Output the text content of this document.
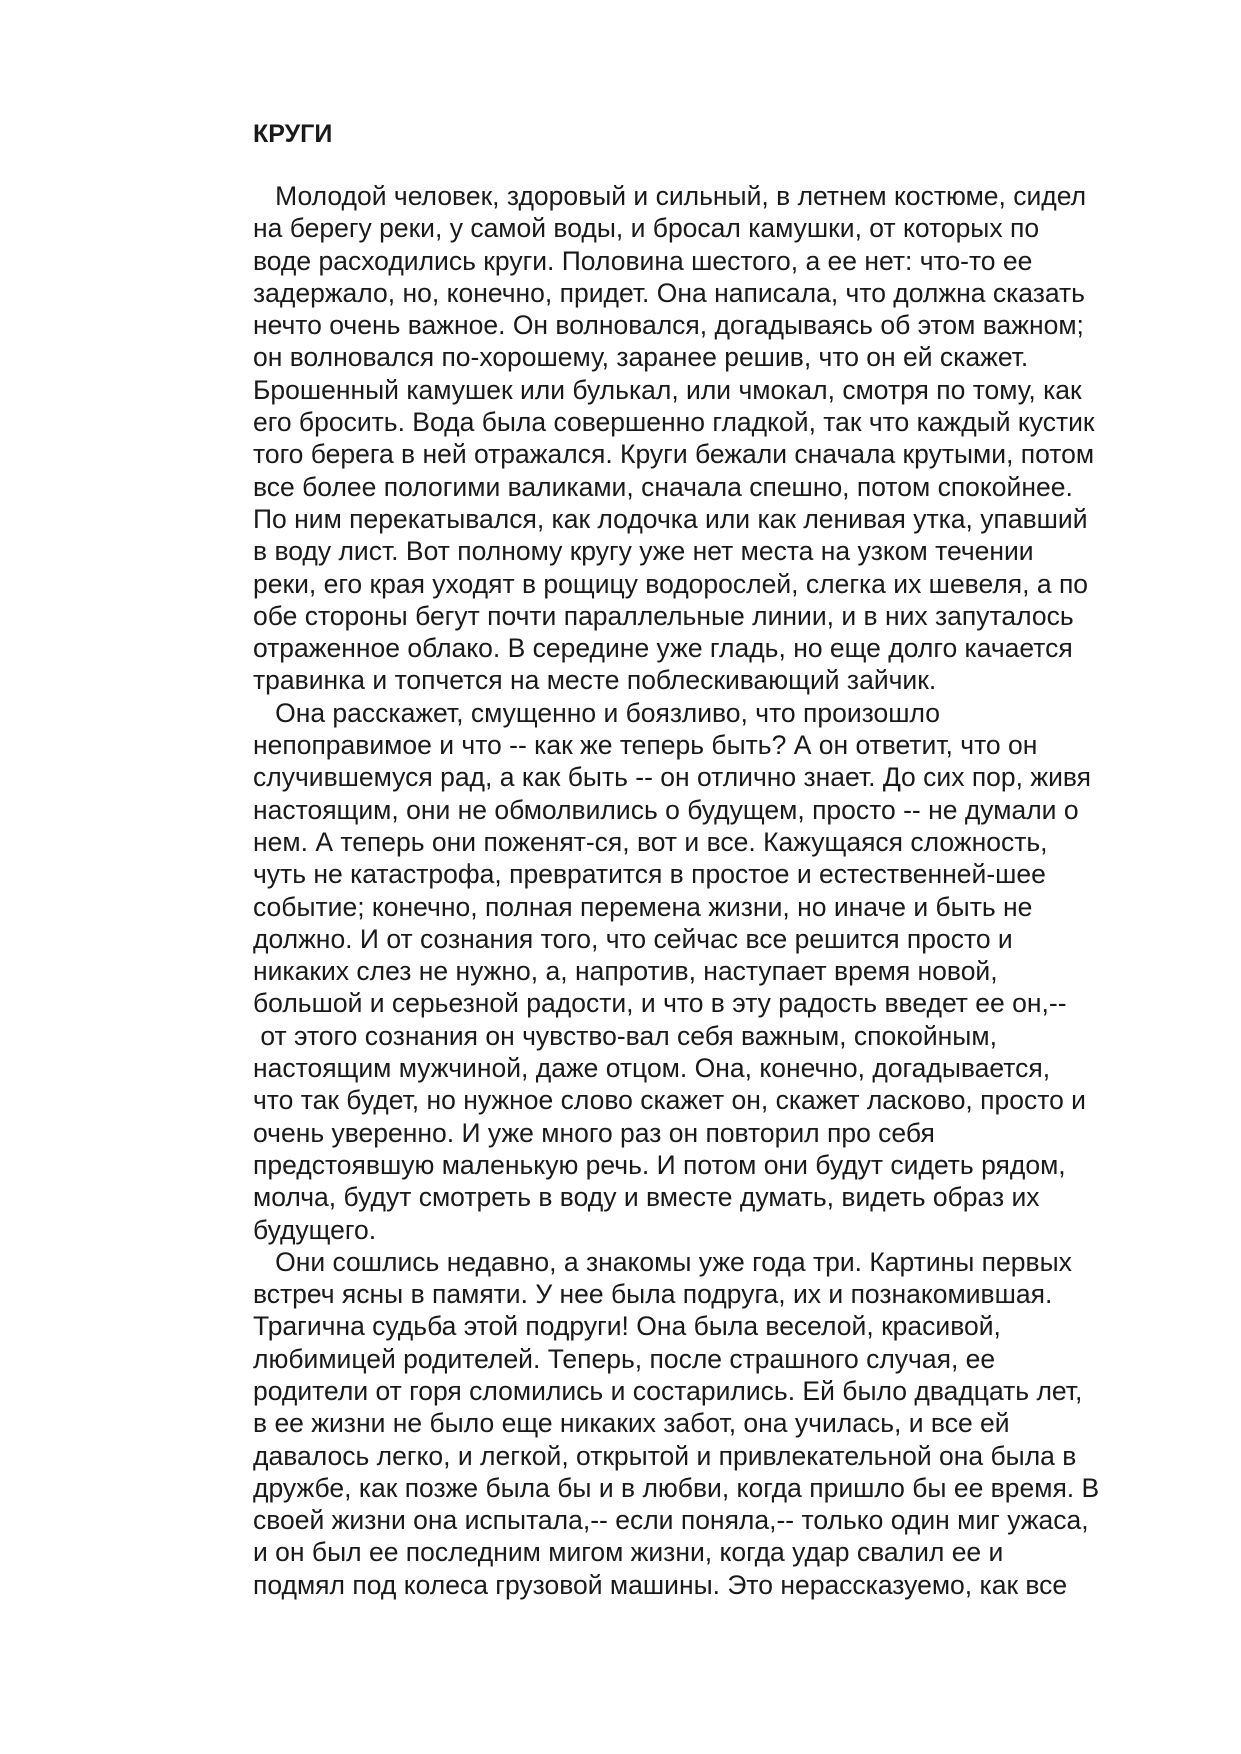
КРУГИ
Молодой человек, здоровый и сильный, в летнем костюме, сидел
на берегу реки, у самой воды, и бросал камушки, от которых по
воде расходились круги. Половина шестого, а ее нет: что-то ее
задержало, но, конечно, придет. Она написала, что должна сказать
нечто очень важное. Он волновался, догадываясь об этом важном;
он волновался по-хорошему, заранее решив, что он ей скажет.
Брошенный камушек или булькал, или чмокал, смотря по тому, как
его бросить. Вода была совершенно гладкой, так что каждый кустик
того берега в ней отражался. Круги бежали сначала крутыми, потом
все более пологими валиками, сначала спешно, потом спокойнее.
По ним перекатывался, как лодочка или как ленивая утка, упавший
в воду лист. Вот полному кругу уже нет места на узком течении
реки, его края уходят в рощицу водорослей, слегка их шевеля, а по
обе стороны бегут почти параллельные линии, и в них запуталось
отраженное облако. В середине уже гладь, но еще долго качается
травинка и топчется на месте поблескивающий зайчик.
Она расскажет, смущенно и боязливо, что произошло
непоправимое и что -- как же теперь быть? А он ответит, что он
случившемуся рад, а как быть -- он отлично знает. До сих пор, живя
настоящим, они не обмолвились о будущем, просто -- не думали о
нем. А теперь они поженят-ся, вот и все. Кажущаяся сложность,
чуть не катастрофа, превратится в простое и естественней-шее
событие; конечно, полная перемена жизни, но иначе и быть не
должно. И от сознания того, что сейчас все решится просто и
никаких слез не нужно, а, напротив, наступает время новой,
большой и серьезной радости, и что в эту радость введет ее он,--
от этого сознания он чувство-вал себя важным, спокойным,
настоящим мужчиной, даже отцом. Она, конечно, догадывается,
что так будет, но нужное слово скажет он, скажет ласково, просто и
очень уверенно. И уже много раз он повторил про себя
предстоявшую маленькую речь. И потом они будут сидеть рядом,
молча, будут смотреть в воду и вместе думать, видеть образ их
будущего.
Они сошлись недавно, а знакомы уже года три. Картины первых
встреч ясны в памяти. У нее была подруга, их и познакомившая.
Трагична судьба этой подруги! Она была веселой, красивой,
любимицей родителей. Теперь, после страшного случая, ее
родители от горя сломились и состарились. Ей было двадцать лет,
в ее жизни не было еще никаких забот, она училась, и все ей
давалось легко, и легкой, открытой и привлекательной она была в
дружбе, как позже была бы и в любви, когда пришло бы ее время. В
своей жизни она испытала,-- если поняла,-- только один миг ужаса,
и он был ее последним мигом жизни, когда удар свалил ее и
подмял под колеса грузовой машины. Это нерассказуемо, как все
